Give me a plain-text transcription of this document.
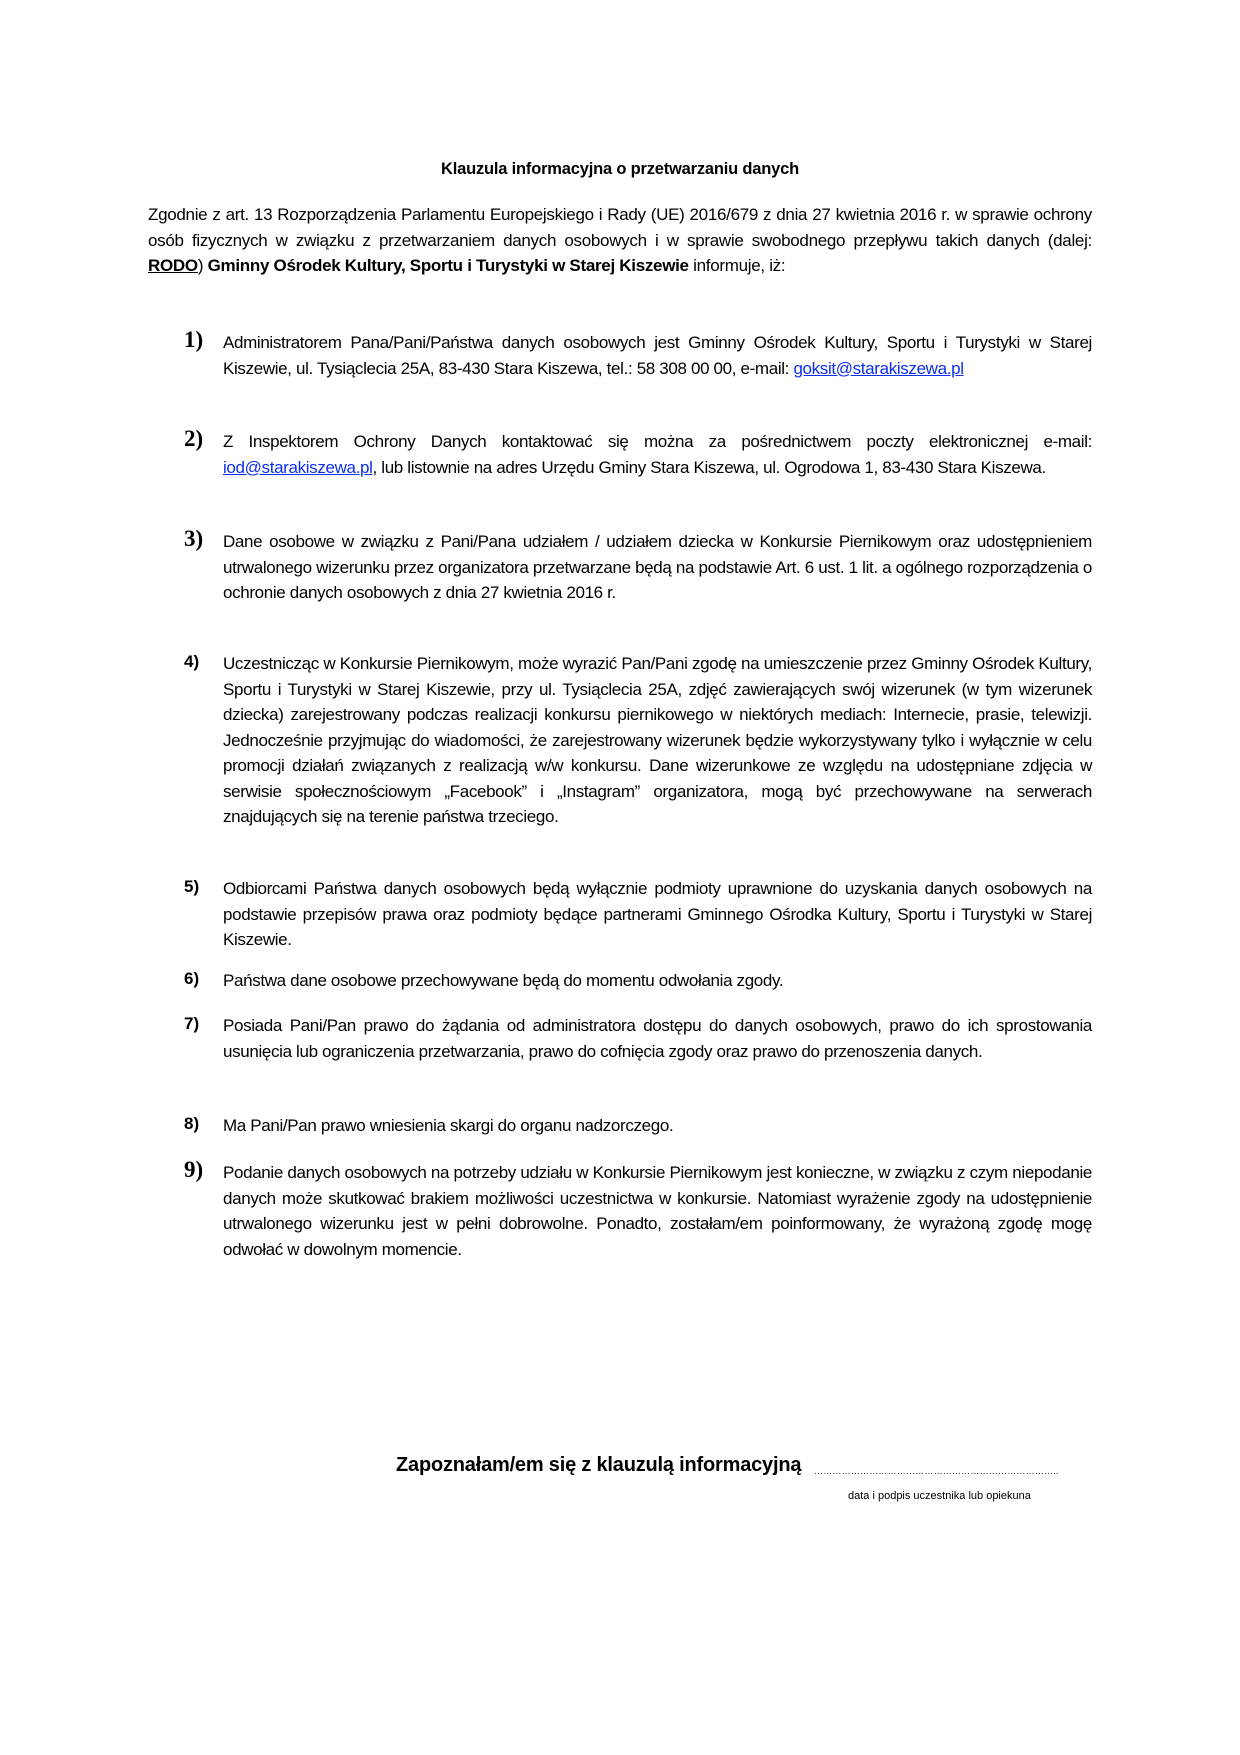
Klauzula informacyjna o przetwarzaniu danych
Zgodnie z art. 13 Rozporządzenia Parlamentu Europejskiego i Rady (UE) 2016/679 z dnia 27 kwietnia 2016 r. w sprawie ochrony osób fizycznych w związku z przetwarzaniem danych osobowych i w sprawie swobodnego przepływu takich danych (dalej: RODO) Gminny Ośrodek Kultury, Sportu i Turystyki w Starej Kiszewie informuje, iż:
1) Administratorem Pana/Pani/Państwa danych osobowych jest Gminny Ośrodek Kultury, Sportu i Turystyki w Starej Kiszewie, ul. Tysiąclecia 25A, 83-430 Stara Kiszewa, tel.: 58 308 00 00, e-mail: goksit@starakiszewa.pl
2) Z Inspektorem Ochrony Danych kontaktować się można za pośrednictwem poczty elektronicznej e-mail: iod@starakiszewa.pl, lub listownie na adres Urzędu Gminy Stara Kiszewa, ul. Ogrodowa 1, 83-430 Stara Kiszewa.
3) Dane osobowe w związku z Pani/Pana udziałem / udziałem dziecka w Konkursie Piernikowym oraz udostępnieniem utrwalonego wizerunku przez organizatora przetwarzane będą na podstawie Art. 6 ust. 1 lit. a ogólnego rozporządzenia o ochronie danych osobowych z dnia 27 kwietnia 2016 r.
4) Uczestnicząc w Konkursie Piernikowym, może wyrazić Pan/Pani zgodę na umieszczenie przez Gminny Ośrodek Kultury, Sportu i Turystyki w Starej Kiszewie, przy ul. Tysiąclecia 25A, zdjęć zawierających swój wizerunek (w tym wizerunek dziecka) zarejestrowany podczas realizacji konkursu piernikowego w niektórych mediach: Internecie, prasie, telewizji. Jednocześnie przyjmując do wiadomości, że zarejestrowany wizerunek będzie wykorzystywany tylko i wyłącznie w celu promocji działań związanych z realizacją w/w konkursu. Dane wizerunkowe ze względu na udostępniane zdjęcia w serwisie społecznościowym „Facebook” i „Instagram” organizatora, mogą być przechowywane na serwerach znajdujących się na terenie państwa trzeciego.
5) Odbiorcami Państwa danych osobowych będą wyłącznie podmioty uprawnione do uzyskania danych osobowych na podstawie przepisów prawa oraz podmioty będące partnerami Gminnego Ośrodka Kultury, Sportu i Turystyki w Starej Kiszewie.
6) Państwa dane osobowe przechowywane będą do momentu odwołania zgody.
7) Posiada Pani/Pan prawo do żądania od administratora dostępu do danych osobowych, prawo do ich sprostowania usunięcia lub ograniczenia przetwarzania, prawo do cofnięcia zgody oraz prawo do przenoszenia danych.
8) Ma Pani/Pan prawo wniesienia skargi do organu nadzorczego.
9) Podanie danych osobowych na potrzeby udziału w Konkursie Piernikowym jest konieczne, w związku z czym niepodanie danych może skutkować brakiem możliwości uczestnictwa w konkursie. Natomiast wyrażenie zgody na udostępnienie utrwalonego wizerunku jest w pełni dobrowolne. Ponadto, zostałam/em poinformowany, że wyrażoną zgodę mogę odwołać w dowolnym momencie.
Zapoznałam/em się z klauzulą informacyjną ……………………………………………………………………..
data i podpis uczestnika lub opiekuna
